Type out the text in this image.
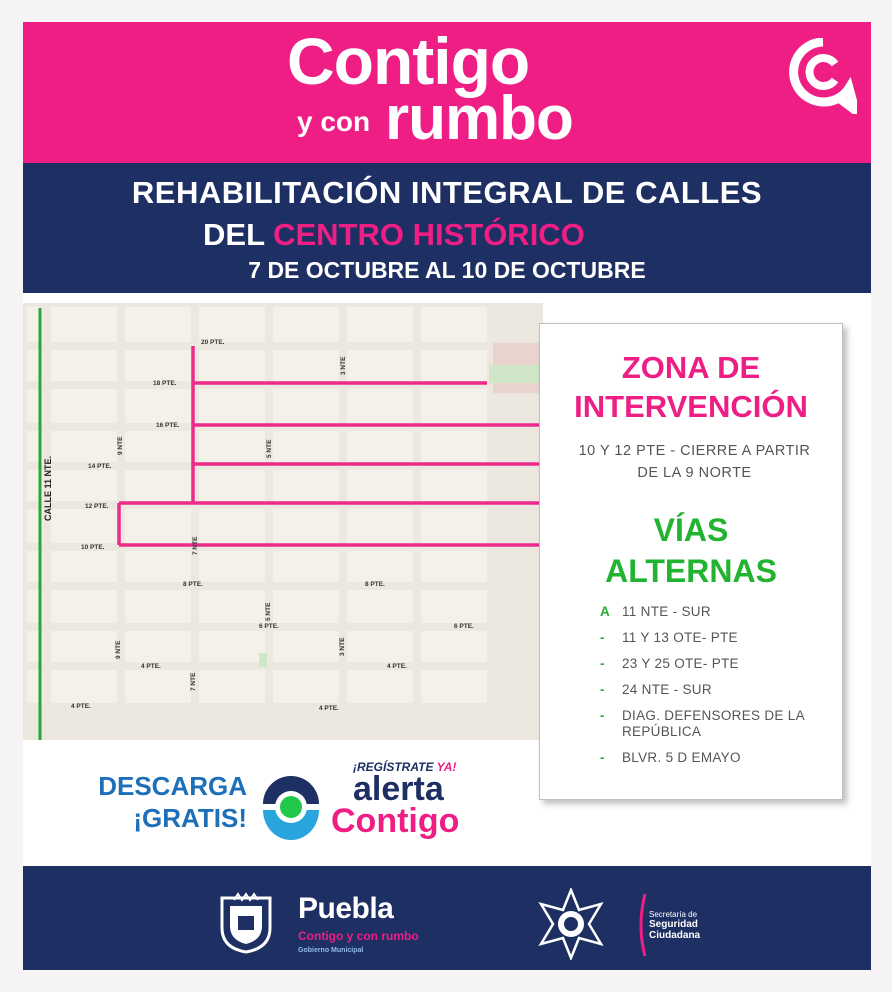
Contigo
y con rumbo
REHABILITACIÓN INTEGRAL DE CALLES
DEL CENTRO HISTÓRICO
7 DE OCTUBRE AL 10 DE OCTUBRE
20 PTE.
18 PTE.
16 PTE.
14 PTE.
12 PTE.
10 PTE.
8 PTE.	8 PTE.
6 PTE.	6 PTE.
4 PTE.	4 PTE.
4 PTE.	4 PTE.
3 NTE
3 NTE
5 NTE
5 NTE
7 NTE
7 NTE
9 NTE
9 NTE
CALLE 11 NTE.
ZONA DE
INTERVENCIÓN
10 Y 12 PTE - CIERRE A PARTIR
DE LA 9 NORTE
VÍAS
ALTERNAS
A 11 NTE - SUR
-	11 Y 13 OTE- PTE
-	23 Y 25 OTE- PTE
-	24 NTE - SUR
-	DIAG. DEFENSORES DE LA REPÚBLICA
-	BLVR. 5 D EMAYO
DESCARGA
¡GRATIS!
¡REGÍSTRATE YA!
alerta
Contigo
Puebla
Contigo y con rumbo
Gobierno Municipal
Secretaría de
Seguridad
Ciudadana
